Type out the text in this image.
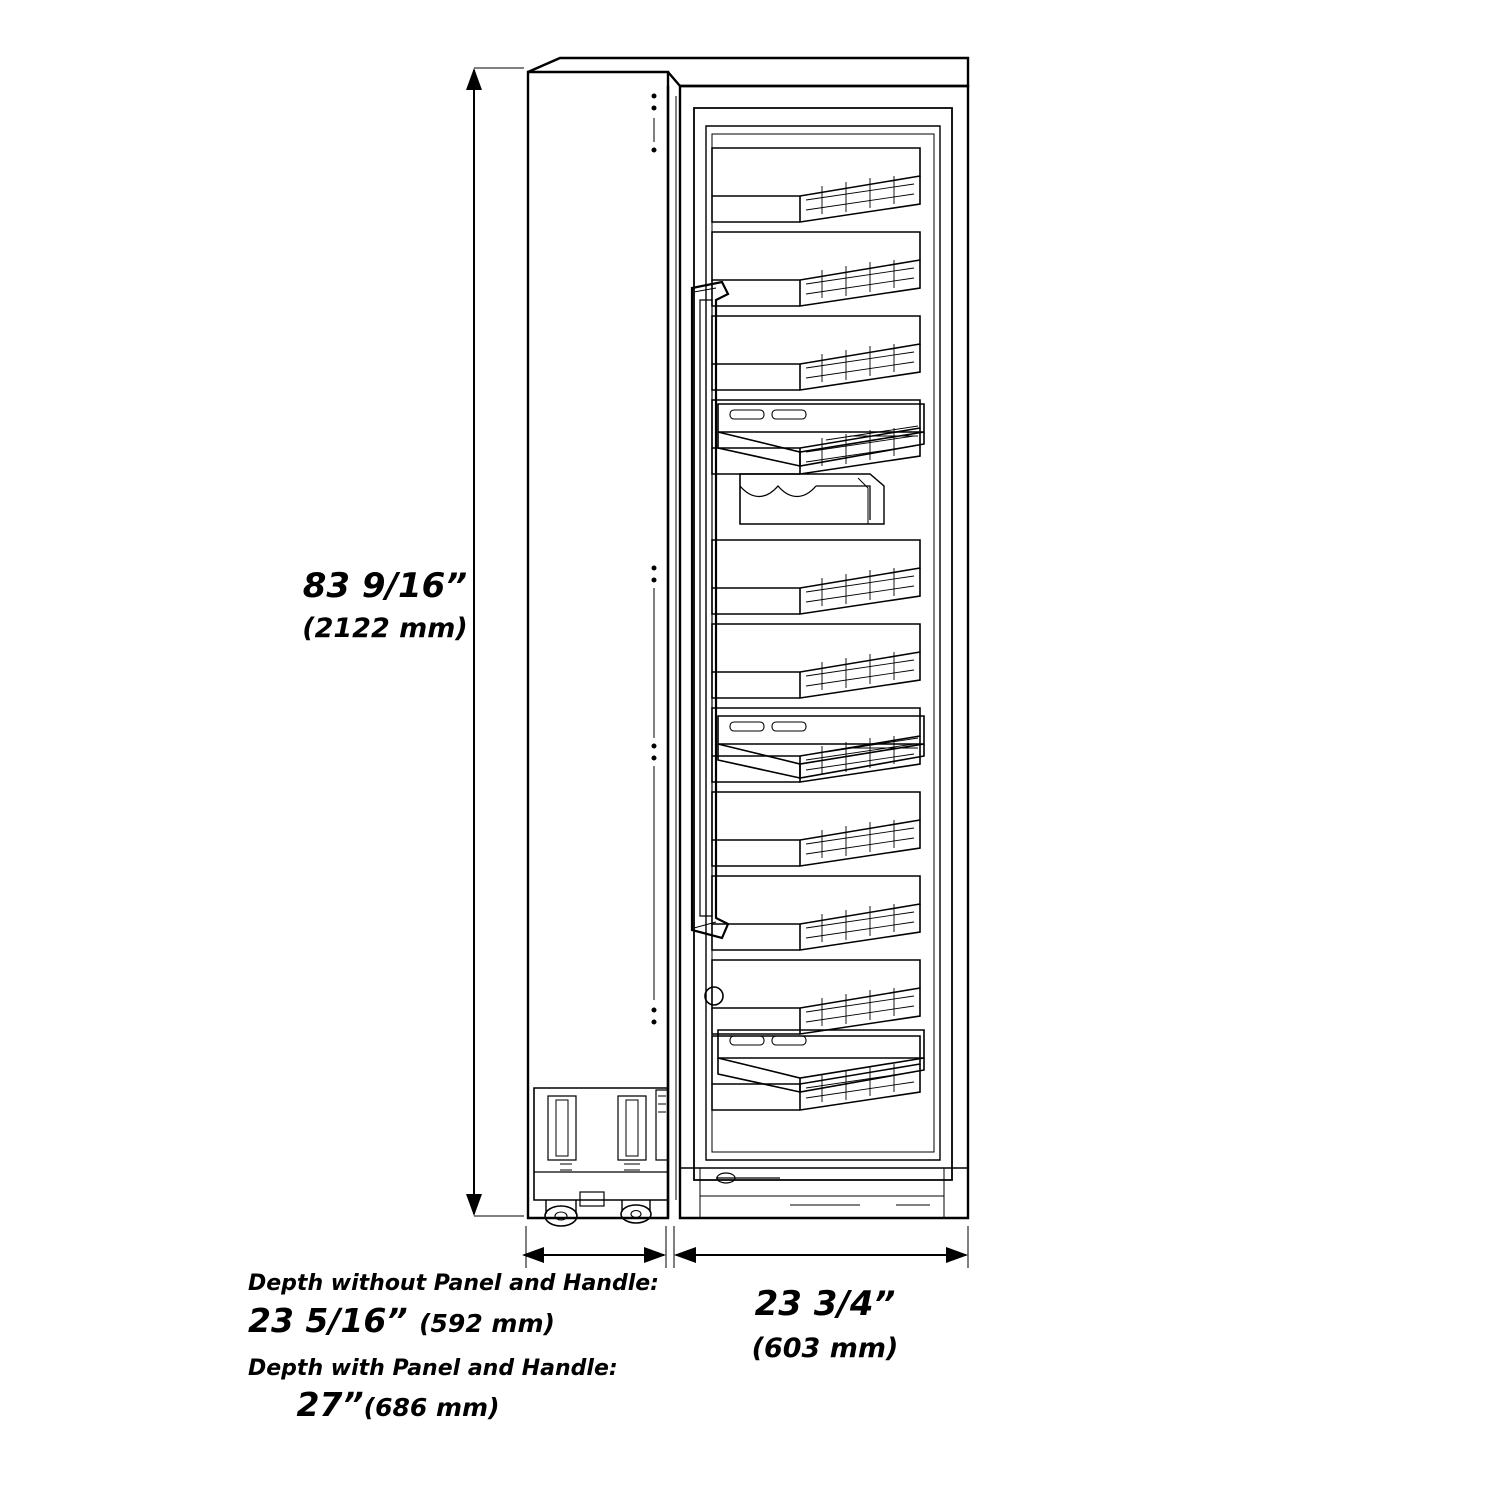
83 9/16”
(2122 mm)
Depth without Panel and Handle:
23 5/16” (592 mm)
Depth with Panel and Handle:
27”(686 mm)
23 3/4”
(603 mm)
